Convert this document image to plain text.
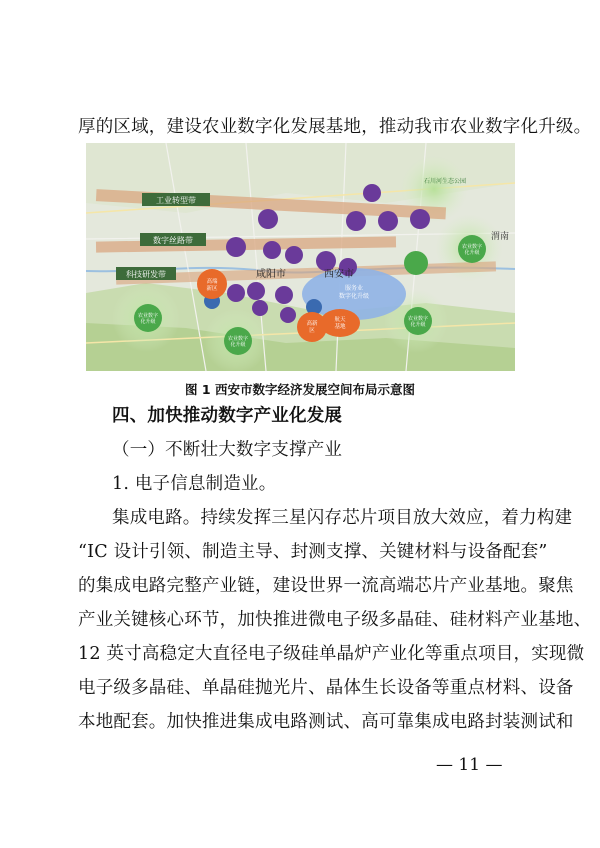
厚的区域，建设农业数字化发展基地，推动我市农业数字化升级。
服务业
数字化升级
工业转型带
数字丝路带
科技研发带
高端
新区
高新
区
航天
基地
农业数字
化升级
农业数字
化升级
农业数字
化升级
农业数字
化升级
西安市
咸阳市
渭南
石川河生态公园
图 1 西安市数字经济发展空间布局示意图
四、加快推动数字产业化发展
（一）不断壮大数字支撑产业
1. 电子信息制造业。
集成电路。持续发挥三星闪存芯片项目放大效应，着力构建
“IC 设计引领、制造主导、封测支撑、关键材料与设备配套”
的集成电路完整产业链，建设世界一流高端芯片产业基地。聚焦
产业关键核心环节，加快推进微电子级多晶硅、硅材料产业基地、
12 英寸高稳定大直径电子级硅单晶炉产业化等重点项目，实现微
电子级多晶硅、单晶硅抛光片、晶体生长设备等重点材料、设备
本地配套。加快推进集成电路测试、高可靠集成电路封装测试和
— 11 —
